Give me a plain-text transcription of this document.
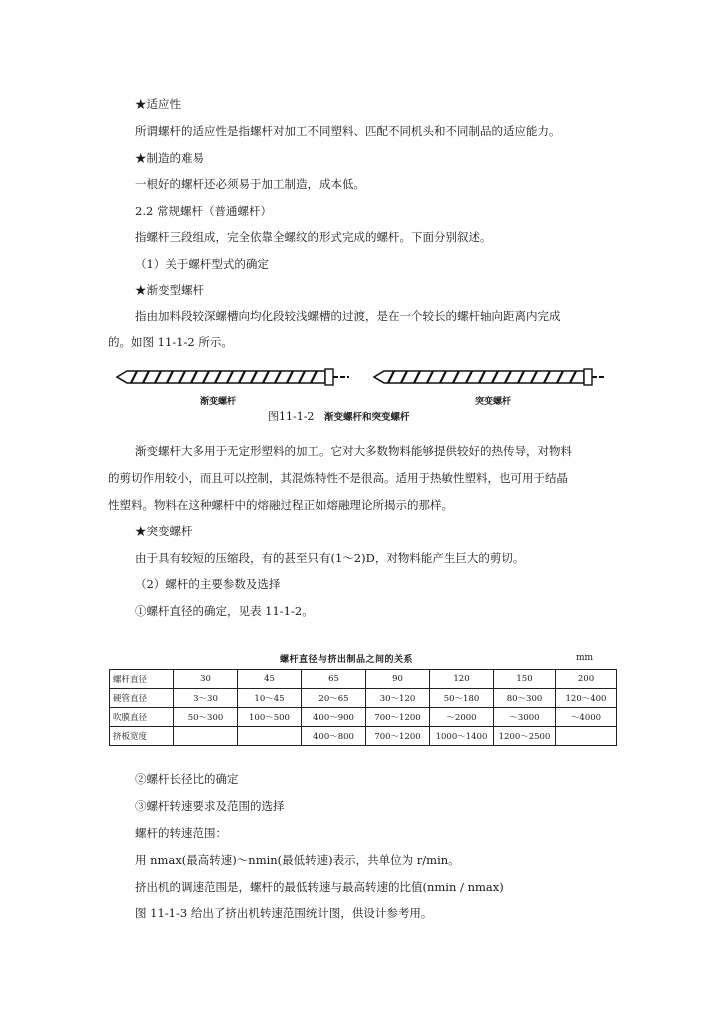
★适应性
所谓螺杆的适应性是指螺杆对加工不同塑料、匹配不同机头和不同制品的适应能力。
★制造的难易
一根好的螺杆还必须易于加工制造，成本低。
2.2 常规螺杆（普通螺杆）
指螺杆三段组成，完全依靠全螺纹的形式完成的螺杆。下面分别叙述。
（1）关于螺杆型式的确定
★渐变型螺杆
指由加料段较深螺槽向均化段较浅螺槽的过渡，是在一个较长的螺杆轴向距离内完成
的。如图 11-1-2 所示。
渐变螺杆	突变螺杆
图11-1-2 渐变螺杆和突变螺杆
渐变螺杆大多用于无定形塑料的加工。它对大多数物料能够提供较好的热传导，对物料
的剪切作用较小，而且可以控制，其混炼特性不是很高。适用于热敏性塑料，也可用于结晶
性塑料。物料在这种螺杆中的熔融过程正如熔融理论所揭示的那样。
★突变螺杆
由于具有较短的压缩段，有的甚至只有(1～2)D，对物料能产生巨大的剪切。
（2）螺杆的主要参数及选择
①螺杆直径的确定，见表 11-1-2。
螺杆直径与挤出制品之间的关系	mm
螺杆直径	30	45	65	90	120	150	200
硬管直径	3～30	10～45	20～65	30～120	50～180	80～300	120～400
吹膜直径	50～300	100～500	400～900	700～1200	～2000	～3000	～4000
挤板宽度			400～800	700～1200	1000～1400	1200～2500	
②螺杆长径比的确定
③螺杆转速要求及范围的选择
螺杆的转速范围：
用 nmax(最高转速)～nmin(最低转速)表示，共单位为 r/min。
挤出机的调速范围是，螺杆的最低转速与最高转速的比值(nmin / nmax)
图 11-1-3 给出了挤出机转速范围统计图，供设计参考用。
